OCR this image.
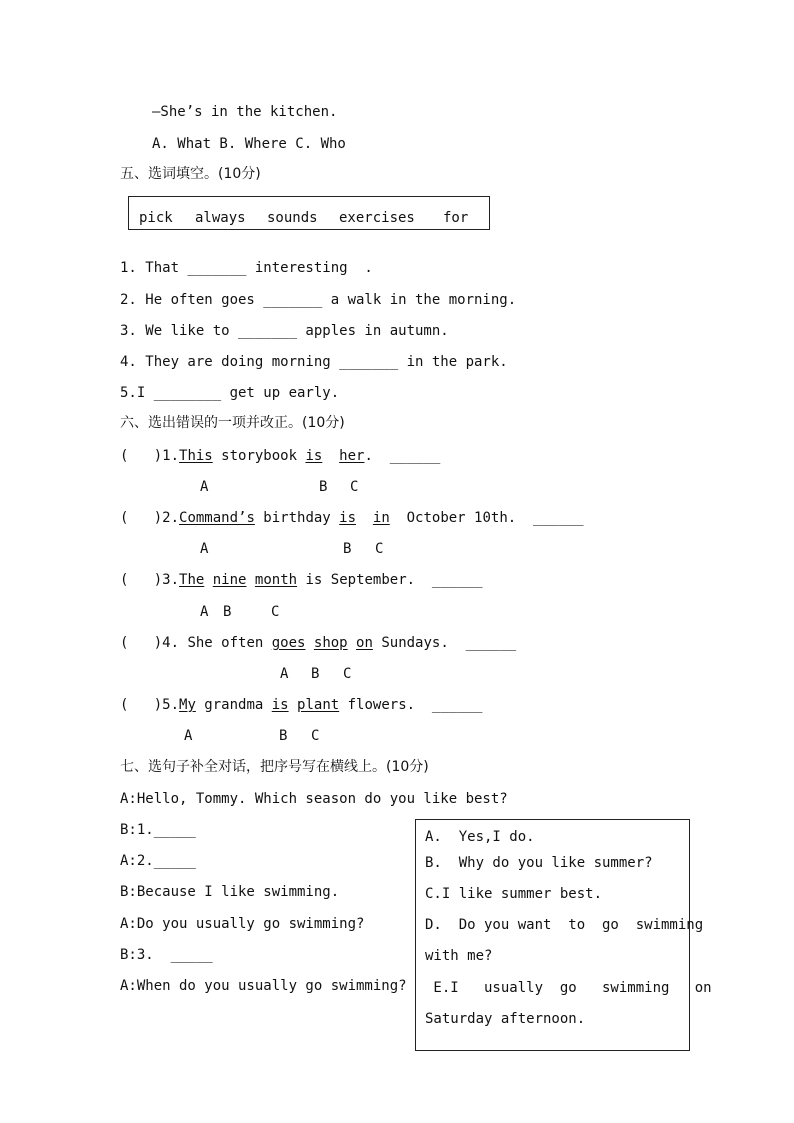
—She’s in the kitchen.
A. What B. Where C. Who
五、选词填空。(10分)
pick always sounds exercises for
1. That _______ interesting  .
2. He often goes _______ a walk in the morning.
3. We like to _______ apples in autumn.
4. They are doing morning _______ in the park.
5.I ________ get up early.
六、选出错误的一项并改正。(10分)
(   )1.This storybook is her.  ______
A	B C
(   )2.Command’s birthday is in  October 10th.  ______
A	B C
(   )3.The nine month is September.  ______
A B	C
(   )4. She often goes shop on Sundays.  ______
A B C
(   )5.My grandma is plant flowers.  ______
A	B C
七、选句子补全对话，把序号写在横线上。(10分)
A:Hello, Tommy. Which season do you like best?
B:1._____
A:2._____
B:Because I like swimming.
A:Do you usually go swimming?
B:3.  _____
A:When do you usually go swimming?
A.  Yes,I do.
B.  Why do you like summer?
C.I like summer best.
D.  Do you want  to  go  swimming
with me?
E.I   usually  go   swimming   on
Saturday afternoon.
